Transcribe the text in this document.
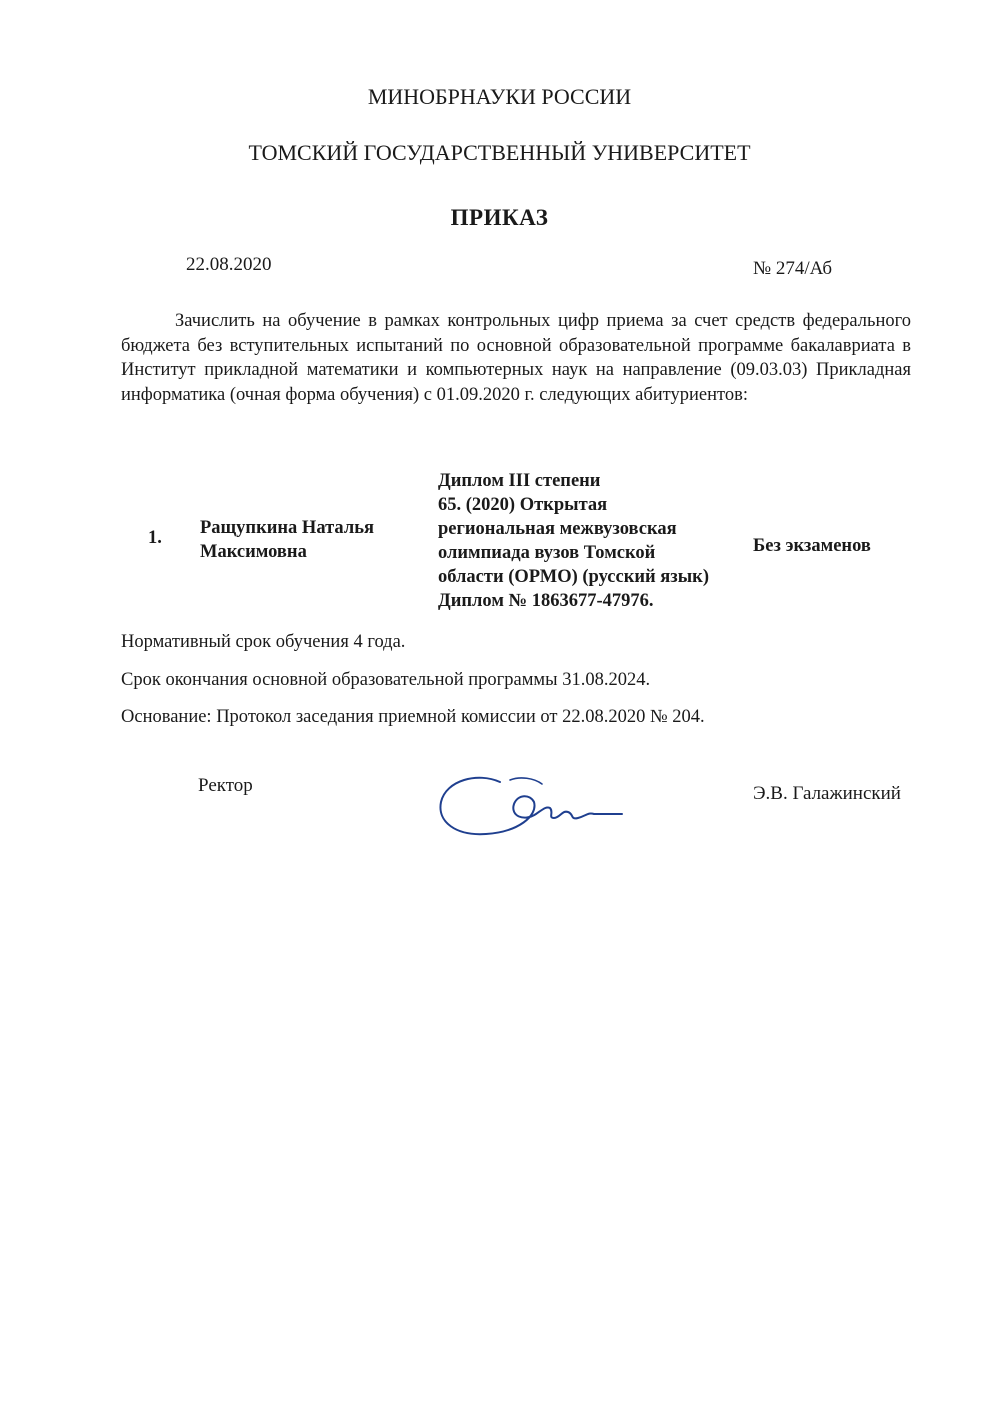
МИНОБРНАУКИ РОССИИ
ТОМСКИЙ ГОСУДАРСТВЕННЫЙ УНИВЕРСИТЕТ
ПРИКАЗ
22.08.2020	№ 274/Аб

Зачислить на обучение в рамках контрольных цифр приема за счет средств федерального бюджета без вступительных испытаний по основной образовательной программе бакалавриата в Институт прикладной математики и компьютерных наук на направление (09.03.03) Прикладная информатика (очная форма обучения) с 01.09.2020 г. следующих абитуриентов:

1. Ращупкина Наталья
Максимовна
Диплом III степени
65. (2020) Открытая
региональная межвузовская
олимпиада вузов Томской
области (ОРМО) (русский язык)
Диплом № 1863677-47976.
Без экзаменов
Нормативный срок обучения 4 года.
Срок окончания основной образовательной программы 31.08.2024.
Основание: Протокол заседания приемной комиссии от 22.08.2020 № 204.
Ректор	Э.В. Галажинский
